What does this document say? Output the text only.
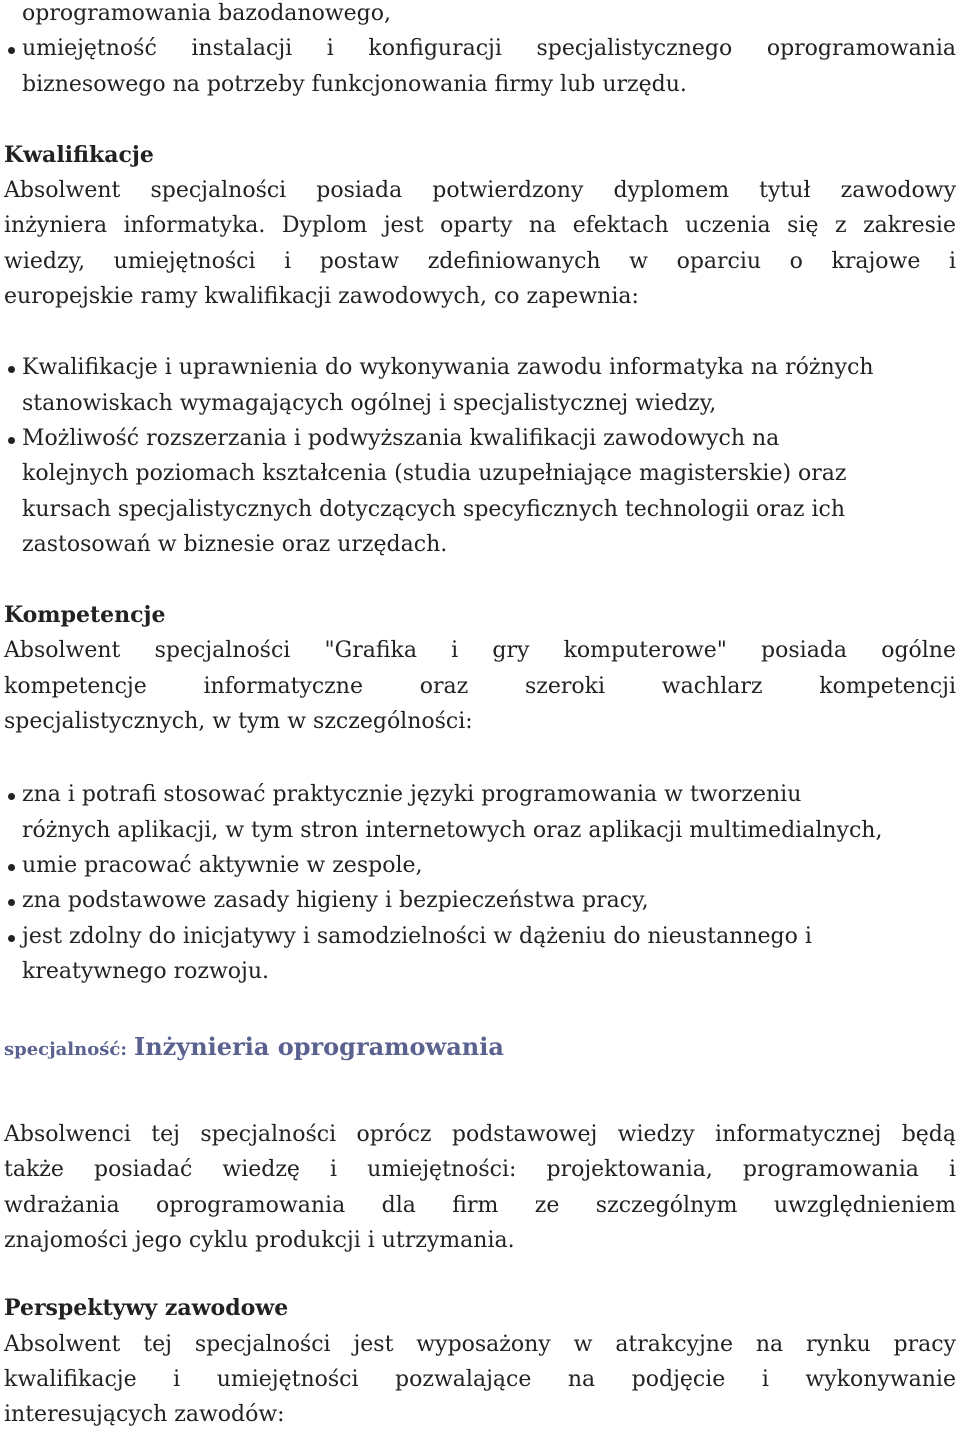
oprogramowania bazodanowego,
umiejętność instalacji i konfiguracji specjalistycznego oprogramowania
biznesowego na potrzeby funkcjonowania firmy lub urzędu.
Kwalifikacje

Absolwent specjalności posiada potwierdzony dyplomem tytuł zawodowy
inżyniera informatyka. Dyplom jest oparty na efektach uczenia się z zakresie
wiedzy, umiejętności i postaw zdefiniowanych w oparciu o krajowe i
europejskie ramy kwalifikacji zawodowych, co zapewnia:

Kwalifikacje i uprawnienia do wykonywania zawodu informatyka na różnych
stanowiskach wymagających ogólnej i specjalistycznej wiedzy,
Możliwość rozszerzania i podwyższania kwalifikacji zawodowych na
kolejnych poziomach kształcenia (studia uzupełniające magisterskie) oraz
kursach specjalistycznych dotyczących specyficznych technologii oraz ich
zastosowań w biznesie oraz urzędach.
Kompetencje

Absolwent specjalności "Grafika i gry komputerowe" posiada ogólne
kompetencje informatyczne oraz szeroki wachlarz kompetencji
specjalistycznych, w tym w szczególności:

zna i potrafi stosować praktycznie języki programowania w tworzeniu
różnych aplikacji, w tym stron internetowych oraz aplikacji multimedialnych,
umie pracować aktywnie w zespole,
zna podstawowe zasady higieny i bezpieczeństwa pracy,
jest zdolny do inicjatywy i samodzielności w dążeniu do nieustannego i
kreatywnego rozwoju.
specjalność: Inżynieria oprogramowania

Absolwenci tej specjalności oprócz podstawowej wiedzy informatycznej będą
także posiadać wiedzę i umiejętności: projektowania, programowania i
wdrażania oprogramowania dla firm ze szczególnym uwzględnieniem
znajomości jego cyklu produkcji i utrzymania.

Perspektywy zawodowe

Absolwent tej specjalności jest wyposażony w atrakcyjne na rynku pracy
kwalifikacje i umiejętności pozwalające na podjęcie i wykonywanie
interesujących zawodów:
